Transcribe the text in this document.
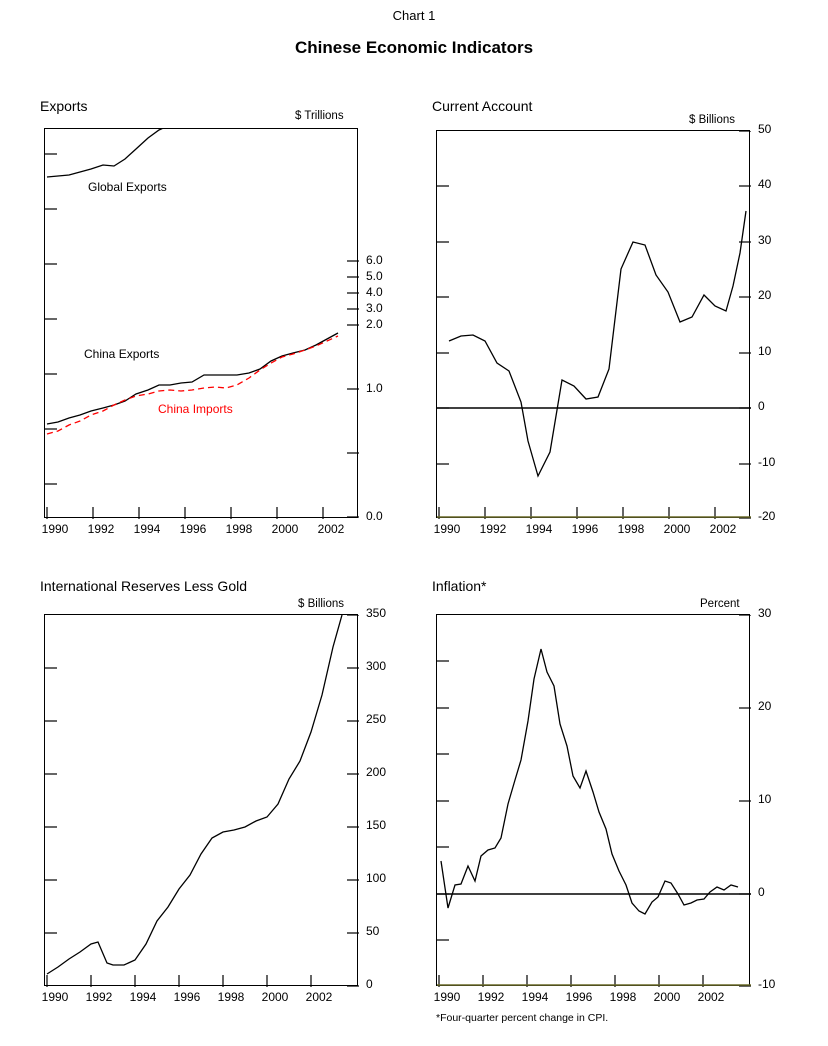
Chart 1
Chinese Economic Indicators
Exports
$ Trillions
6.0
5.0
4.0
3.0
2.0
1.0
0.0
1990	1992	1994	1996	1998	2000	2002
Global Exports
China Exports
China Imports
Current Account
$ Billions
50
40
30
20
10
0
-10
-20
1990	1992	1994	1996	1998	2000	2002
International Reserves Less Gold
$ Billions
350
300
250
200
150
100
50
0
1990	1992	1994	1996	1998	2000	2002
Inflation*
Percent
30
20
10
0
-10
1990	1992	1994	1996	1998	2000	2002
*Four-quarter percent change in CPI.
